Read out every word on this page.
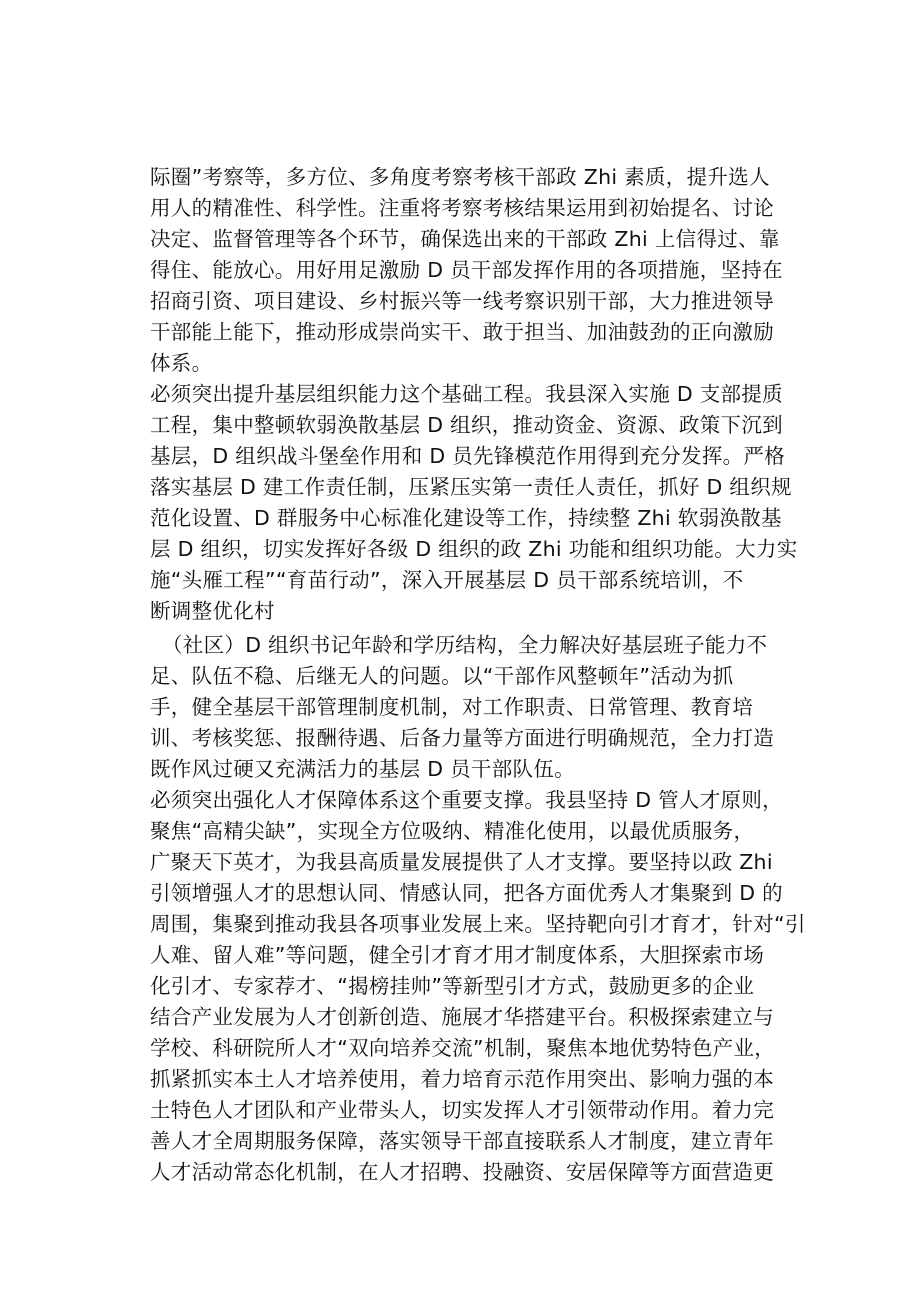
际圈”考察等，多方位、多角度考察考核干部政 Zhi 素质，提升选人
用人的精准性、科学性。注重将考察考核结果运用到初始提名、讨论
决定、监督管理等各个环节，确保选出来的干部政 Zhi 上信得过、靠
得住、能放心。用好用足激励 D 员干部发挥作用的各项措施，坚持在
招商引资、项目建设、乡村振兴等一线考察识别干部，大力推进领导
干部能上能下，推动形成崇尚实干、敢于担当、加油鼓劲的正向激励
体系。
必须突出提升基层组织能力这个基础工程。我县深入实施 D 支部提质
工程，集中整顿软弱涣散基层 D 组织，推动资金、资源、政策下沉到
基层，D 组织战斗堡垒作用和 D 员先锋模范作用得到充分发挥。严格
落实基层 D 建工作责任制，压紧压实第一责任人责任，抓好 D 组织规
范化设置、D 群服务中心标准化建设等工作，持续整 Zhi 软弱涣散基
层 D 组织，切实发挥好各级 D 组织的政 Zhi 功能和组织功能。大力实
施“头雁工程”“育苗行动”，深入开展基层 D 员干部系统培训，不
断调整优化村
（社区）D 组织书记年龄和学历结构，全力解决好基层班子能力不
足、队伍不稳、后继无人的问题。以“干部作风整顿年”活动为抓
手，健全基层干部管理制度机制，对工作职责、日常管理、教育培
训、考核奖惩、报酬待遇、后备力量等方面进行明确规范，全力打造
既作风过硬又充满活力的基层 D 员干部队伍。
必须突出强化人才保障体系这个重要支撑。我县坚持 D 管人才原则，
聚焦“高精尖缺”，实现全方位吸纳、精准化使用，以最优质服务，
广聚天下英才，为我县高质量发展提供了人才支撑。要坚持以政 Zhi
引领增强人才的思想认同、情感认同，把各方面优秀人才集聚到 D 的
周围，集聚到推动我县各项事业发展上来。坚持靶向引才育才，针对“引
人难、留人难”等问题，健全引才育才用才制度体系，大胆探索市场
化引才、专家荐才、“揭榜挂帅”等新型引才方式，鼓励更多的企业
结合产业发展为人才创新创造、施展才华搭建平台。积极探索建立与
学校、科研院所人才“双向培养交流”机制，聚焦本地优势特色产业，
抓紧抓实本土人才培养使用，着力培育示范作用突出、影响力强的本
土特色人才团队和产业带头人，切实发挥人才引领带动作用。着力完
善人才全周期服务保障，落实领导干部直接联系人才制度，建立青年
人才活动常态化机制，在人才招聘、投融资、安居保障等方面营造更
